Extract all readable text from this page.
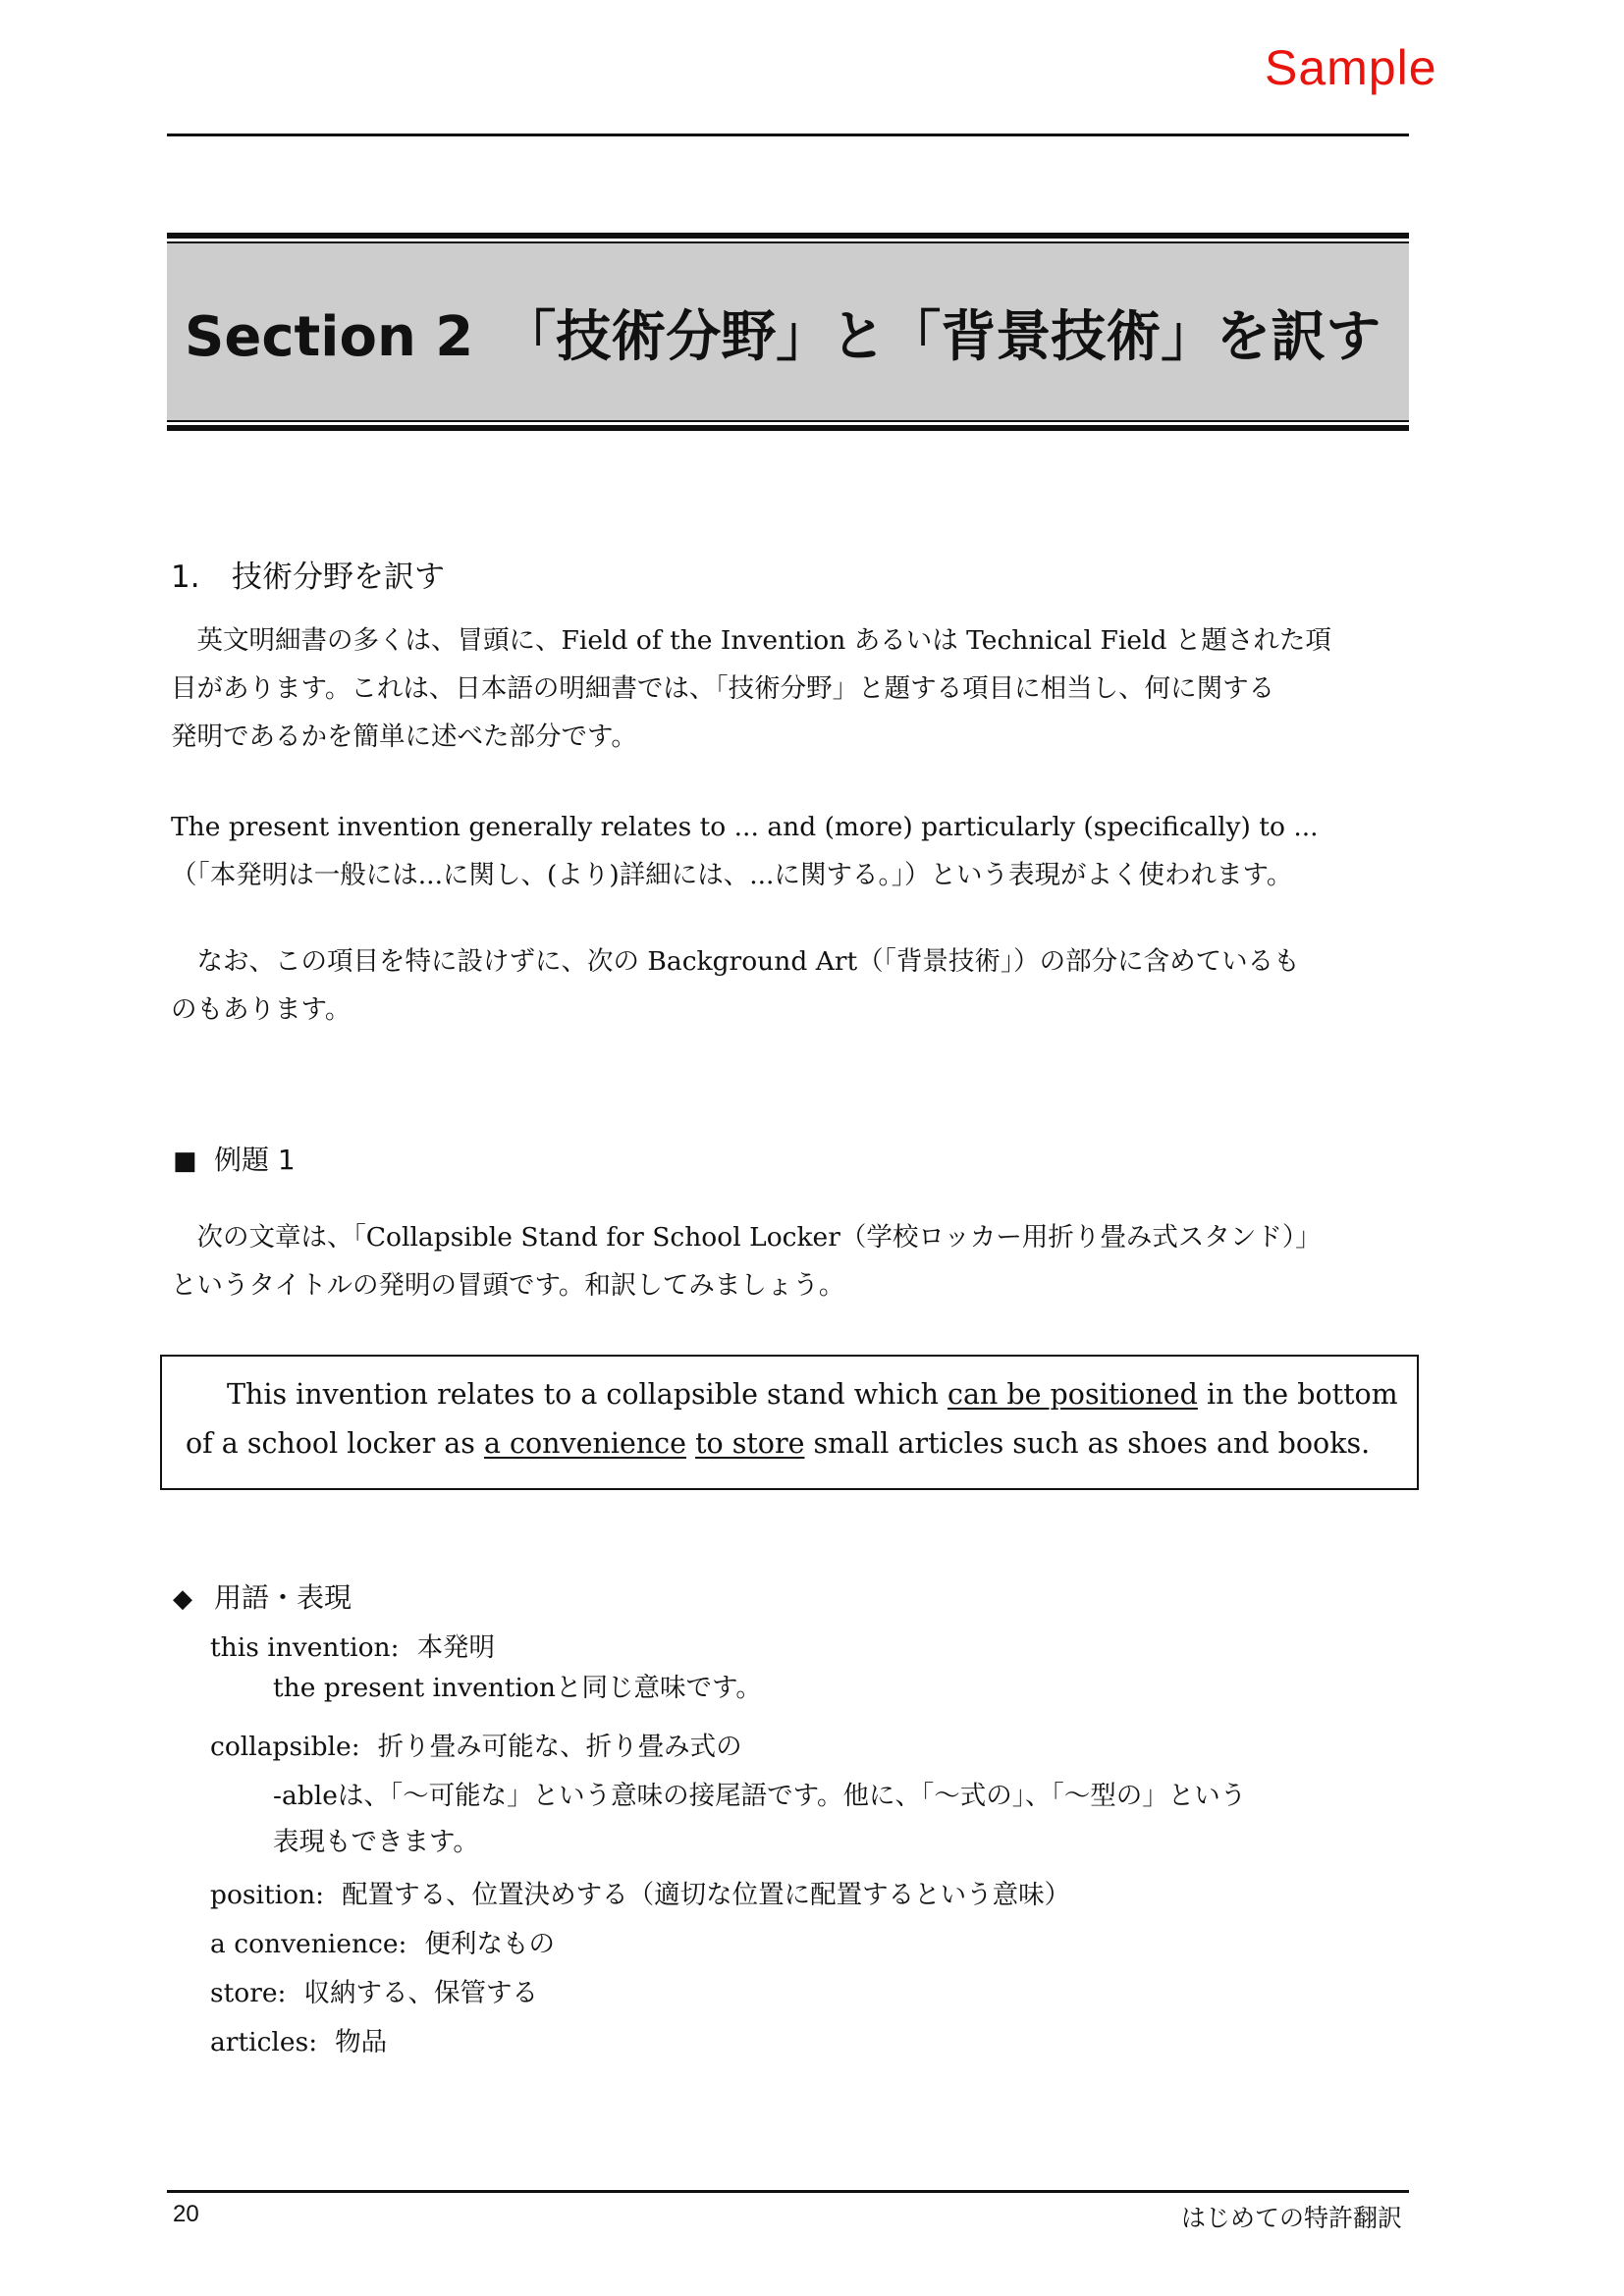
Sample
Section 2　「技術分野」と「背景技術」を訳す
1. 技術分野を訳す
　英文明細書の多くは、冒頭に、Field of the Invention あるいは Technical Field と題された項
目があります。これは、日本語の明細書では、「技術分野」と題する項目に相当し、何に関する
発明であるかを簡単に述べた部分です。
The present invention generally relates to ... and (more) particularly (specifically) to ...
（「本発明は一般には...に関し、(より)詳細には、...に関する。」）という表現がよく使われます。
　なお、この項目を特に設けずに、次の Background Art（「背景技術」）の部分に含めているも
のもあります。
■ 例題 1
　次の文章は、「Collapsible Stand for School Locker（学校ロッカー用折り畳み式スタンド）」
というタイトルの発明の冒頭です。和訳してみましょう。
This invention relates to a collapsible stand which can be positioned in the bottom
of a school locker as a convenience to store small articles such as shoes and books.
◆ 用語・表現
this invention: 本発明
the present inventionと同じ意味です。
collapsible: 折り畳み可能な、折り畳み式の
-ableは、「～可能な」という意味の接尾語です。他に、「～式の」、「～型の」という
表現もできます。
position: 配置する、位置決めする（適切な位置に配置するという意味）
a convenience: 便利なもの
store: 収納する、保管する
articles: 物品
20	はじめての特許翻訳
